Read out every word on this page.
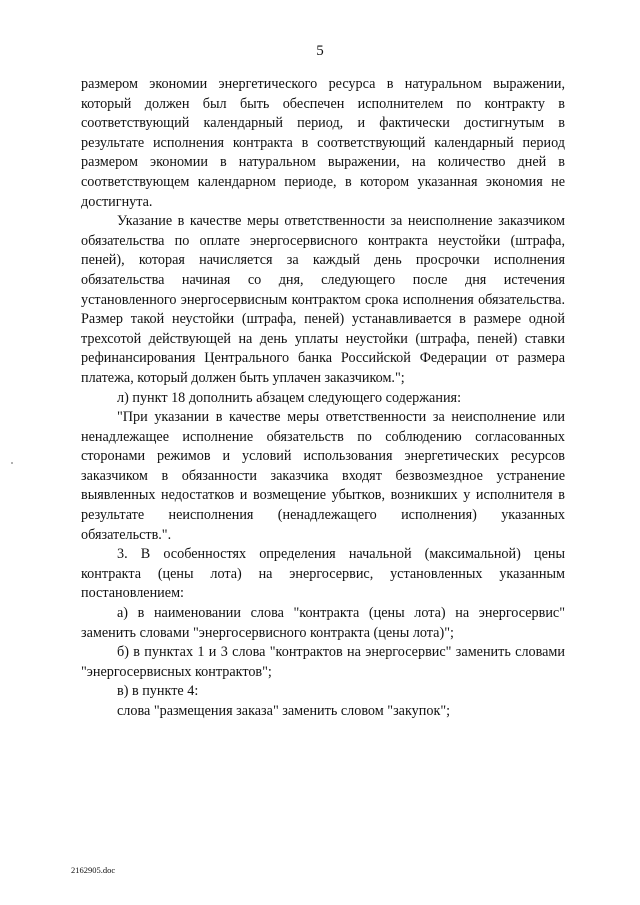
5

размером экономии энергетического ресурса в натуральном выражении, который должен был быть обеспечен исполнителем по контракту в соответствующий календарный период, и фактически достигнутым в результате исполнения контракта в соответствующий календарный период размером экономии в натуральном выражении, на количество дней в соответствующем календарном периоде, в котором указанная экономия не достигнута.

Указание в качестве меры ответственности за неисполнение заказчиком обязательства по оплате энергосервисного контракта неустойки (штрафа, пеней), которая начисляется за каждый день просрочки исполнения обязательства начиная со дня, следующего после дня истечения установленного энергосервисным контрактом срока исполнения обязательства. Размер такой неустойки (штрафа, пеней) устанавливается в размере одной трехсотой действующей на день уплаты неустойки (штрафа, пеней) ставки рефинансирования Центрального банка Российской Федерации от размера платежа, который должен быть уплачен заказчиком.";

л) пункт 18 дополнить абзацем следующего содержания:

"При указании в качестве меры ответственности за неисполнение или ненадлежащее исполнение обязательств по соблюдению согласованных сторонами режимов и условий использования энергетических ресурсов заказчиком в обязанности заказчика входят безвозмездное устранение выявленных недостатков и возмещение убытков, возникших у исполнителя в результате неисполнения (ненадлежащего исполнения) указанных обязательств.".

3. В особенностях определения начальной (максимальной) цены контракта (цены лота) на энергосервис, установленных указанным постановлением:

а) в наименовании слова "контракта (цены лота) на энергосервис" заменить словами "энергосервисного контракта (цены лота)";

б) в пунктах 1 и 3 слова "контрактов на энергосервис" заменить словами "энергосервисных контрактов";

в) в пункте 4:

слова "размещения заказа" заменить словом "закупок";

2162905.doc
